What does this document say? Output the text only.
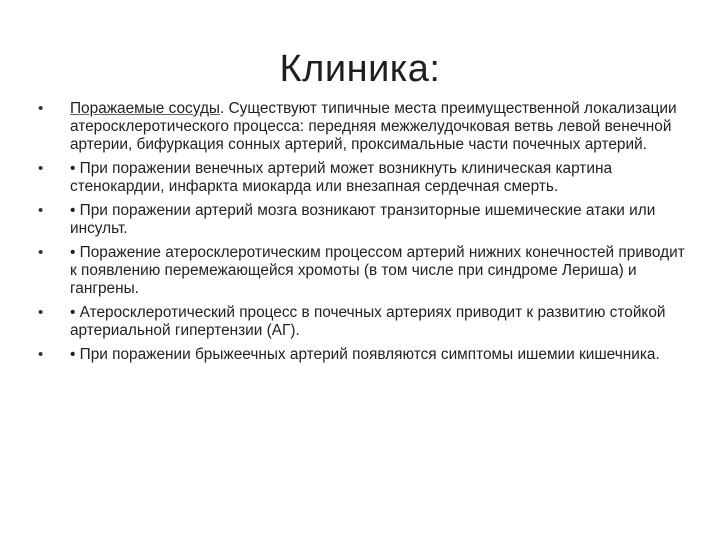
Клиника:
•	Поражаемые сосуды. Существуют типичные места преимущественной локализации атеросклеротического процесса: передняя межжелудочковая ветвь левой венечной артерии, бифуркация сонных артерий, проксимальные части почечных артерий.
•	• При поражении венечных артерий может возникнуть клиническая картина стенокардии, инфаркта миокарда или внезапная сердечная смерть.
•	• При поражении артерий мозга возникают транзиторные ишемические атаки или инсульт.
•	• Поражение атеросклеротическим процессом артерий нижних конечностей приводит к появлению перемежающейся хромоты (в том числе при синдроме Лериша) и гангрены.
•	• Атеросклеротический процесс в почечных артериях приводит к развитию стойкой артериальной гипертензии (АГ).
•	• При поражении брыжеечных артерий появляются симптомы ишемии кишечника.
